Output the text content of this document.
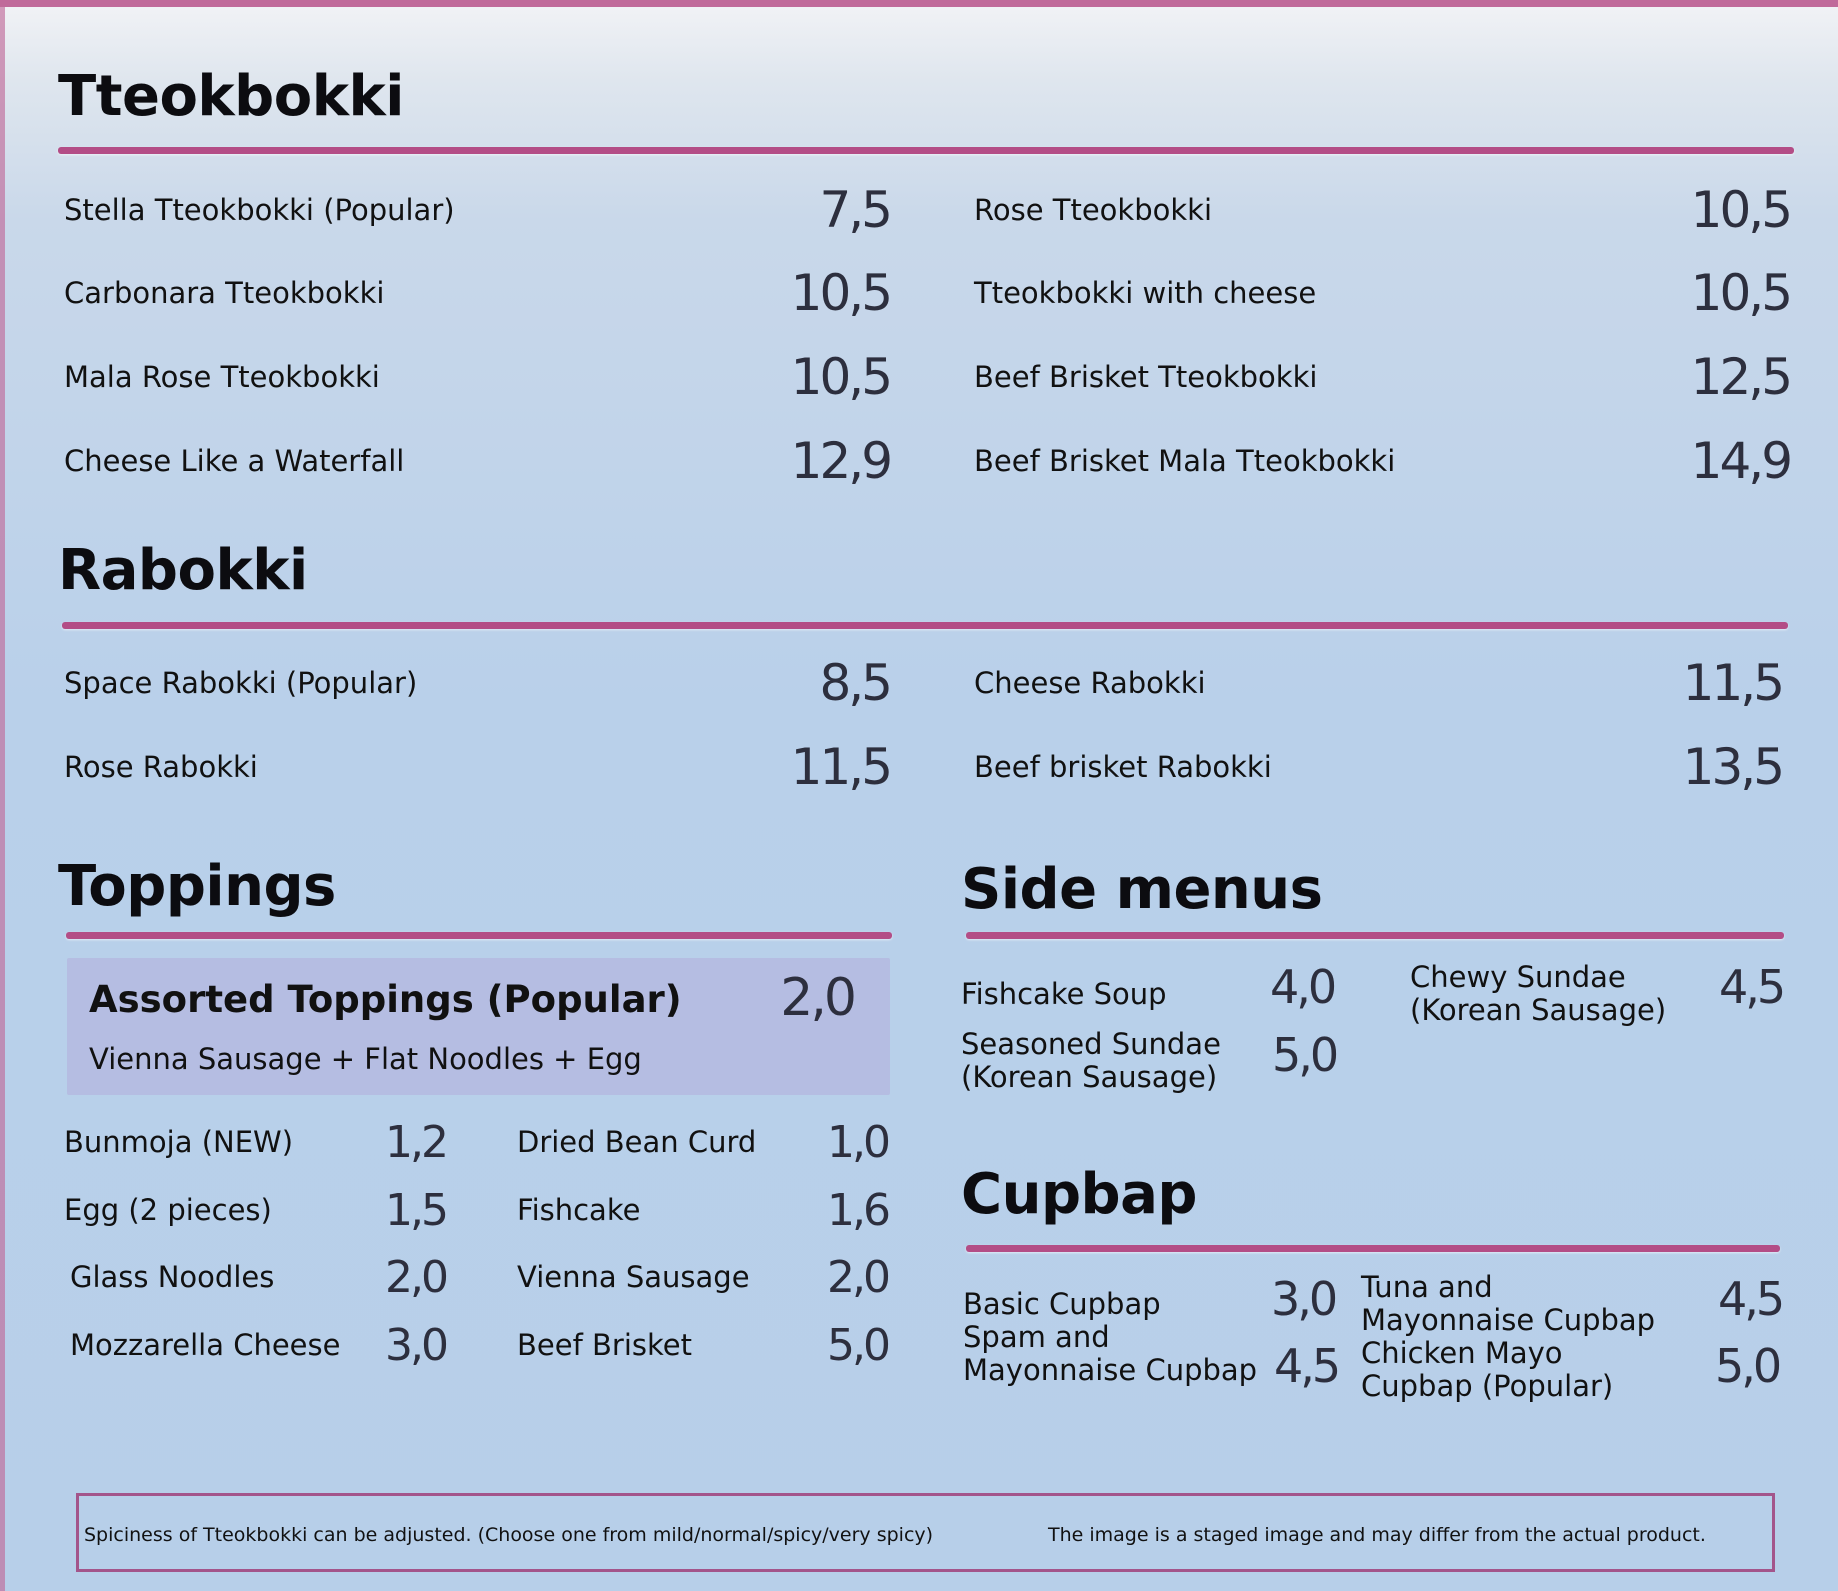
Tteokbokki
Stella Tteokbokki (Popular)	7,5
Carbonara Tteokbokki	10,5
Mala Rose Tteokbokki	10,5
Cheese Like a Waterfall	12,9
Rose Tteokbokki	10,5
Tteokbokki with cheese	10,5
Beef Brisket Tteokbokki	12,5
Beef Brisket Mala Tteokbokki	14,9
Rabokki
Space Rabokki (Popular)	8,5
Rose Rabokki	11,5
Cheese Rabokki	11,5
Beef brisket Rabokki	13,5
Toppings
Assorted Toppings (Popular) 2,0
Vienna Sausage + Flat Noodles + Egg
Bunmoja (NEW) 1,2
Egg (2 pieces)	1,5
Glass Noodles	2,0
Mozzarella Cheese 3,0
Dried Bean Curd 1,0
Fishcake	1,6
Vienna Sausage 2,0
Beef Brisket	5,0
Side menus
Fishcake Soup 4,0
Seasoned Sundae
(Korean Sausage) 5,0
Chewy Sundae
(Korean Sausage) 4,5
Cupbap
Basic Cupbap 3,0
Spam and
Mayonnaise Cupbap 4,5
Tuna and
Mayonnaise Cupbap 4,5
Chicken Mayo
Cupbap (Popular) 5,0
Spiciness of Tteokbokki can be adjusted. (Choose one from mild/normal/spicy/very spicy)	The image is a staged image and may differ from the actual product.
